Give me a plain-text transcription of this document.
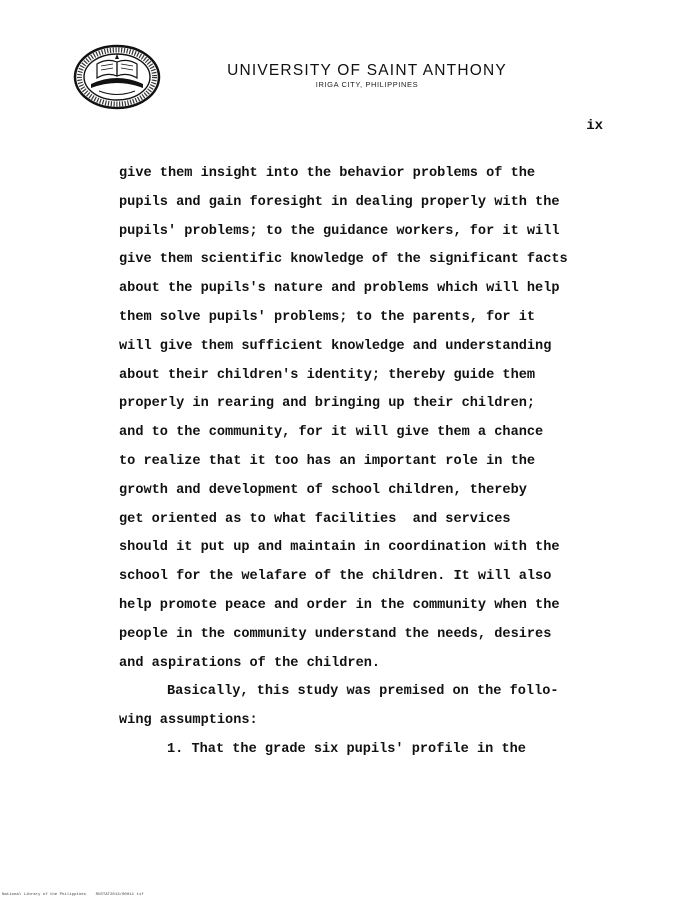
UNIVERSITY OF SAINT ANTHONY
IRIGA CITY, PHILIPPINES
ix
give them insight into the behavior problems of the
pupils and gain foresight in dealing properly with the
pupils' problems; to the guidance workers, for it will
give them scientific knowledge of the significant facts
about the pupils's nature and problems which will help
them solve pupils' problems; to the parents, for it
will give them sufficient knowledge and understanding
about their children's identity; thereby guide them
properly in rearing and bringing up their children;
and to the community, for it will give them a chance
to realize that it too has an important role in the
growth and development of school children, thereby
get oriented as to what facilities  and services
should it put up and maintain in coordination with the
school for the welafare of the children. It will also
help promote peace and order in the community when the
people in the community understand the needs, desires
and aspirations of the children.
Basically, this study was premised on the follo-
wing assumptions:
1. That the grade six pupils' profile in the
National Library of the Philippines    RUSTAT2013/00011 tif
